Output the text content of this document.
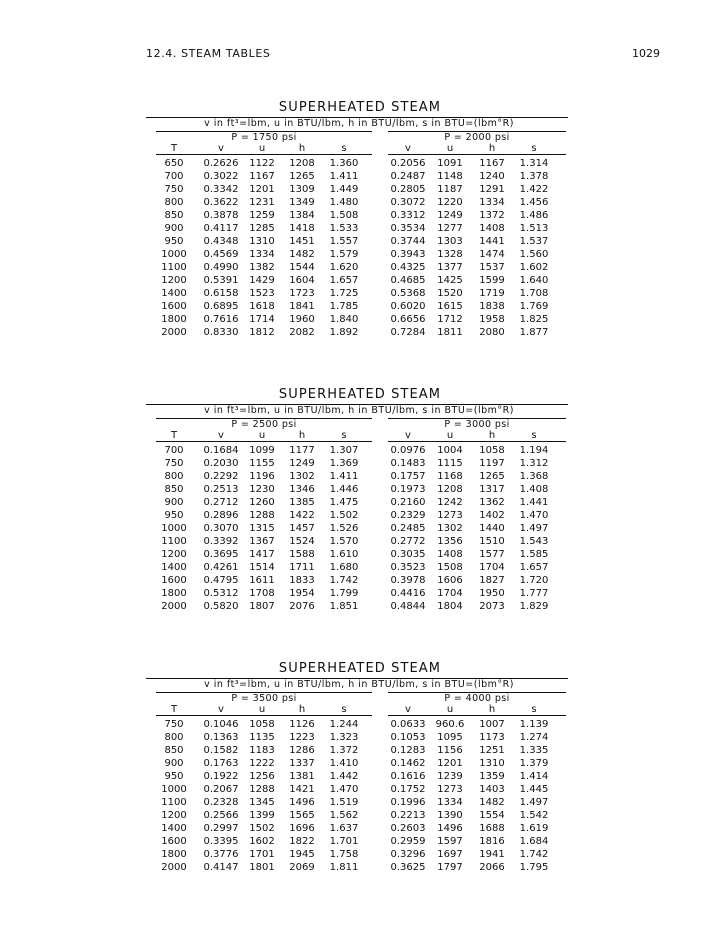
12.4. STEAM TABLES	1029
SUPERHEATED STEAM
v in ft³=lbm, u in BTU/lbm, h in BTU/lbm, s in BTU=(lbm°R)
P = 1750 psi	P = 2000 psi
T	v	u	h	s	v	u	h	s
650	0.2626	1122	1208	1.360	0.2056	1091	1167	1.314
700	0.3022	1167	1265	1.411	0.2487	1148	1240	1.378
750	0.3342	1201	1309	1.449	0.2805	1187	1291	1.422
800	0.3622	1231	1349	1.480	0.3072	1220	1334	1.456
850	0.3878	1259	1384	1.508	0.3312	1249	1372	1.486
900	0.4117	1285	1418	1.533	0.3534	1277	1408	1.513
950	0.4348	1310	1451	1.557	0.3744	1303	1441	1.537
1000	0.4569	1334	1482	1.579	0.3943	1328	1474	1.560
1100	0.4990	1382	1544	1.620	0.4325	1377	1537	1.602
1200	0.5391	1429	1604	1.657	0.4685	1425	1599	1.640
1400	0.6158	1523	1723	1.725	0.5368	1520	1719	1.708
1600	0.6895	1618	1841	1.785	0.6020	1615	1838	1.769
1800	0.7616	1714	1960	1.840	0.6656	1712	1958	1.825
2000	0.8330	1812	2082	1.892	0.7284	1811	2080	1.877
SUPERHEATED STEAM
v in ft³=lbm, u in BTU/lbm, h in BTU/lbm, s in BTU=(lbm°R)
P = 2500 psi	P = 3000 psi
T	v	u	h	s	v	u	h	s
700	0.1684	1099	1177	1.307	0.0976	1004	1058	1.194
750	0.2030	1155	1249	1.369	0.1483	1115	1197	1.312
800	0.2292	1196	1302	1.411	0.1757	1168	1265	1.368
850	0.2513	1230	1346	1.446	0.1973	1208	1317	1.408
900	0.2712	1260	1385	1.475	0.2160	1242	1362	1.441
950	0.2896	1288	1422	1.502	0.2329	1273	1402	1.470
1000	0.3070	1315	1457	1.526	0.2485	1302	1440	1.497
1100	0.3392	1367	1524	1.570	0.2772	1356	1510	1.543
1200	0.3695	1417	1588	1.610	0.3035	1408	1577	1.585
1400	0.4261	1514	1711	1.680	0.3523	1508	1704	1.657
1600	0.4795	1611	1833	1.742	0.3978	1606	1827	1.720
1800	0.5312	1708	1954	1.799	0.4416	1704	1950	1.777
2000	0.5820	1807	2076	1.851	0.4844	1804	2073	1.829
SUPERHEATED STEAM
v in ft³=lbm, u in BTU/lbm, h in BTU/lbm, s in BTU=(lbm°R)
P = 3500 psi	P = 4000 psi
T	v	u	h	s	v	u	h	s
750	0.1046	1058	1126	1.244	0.0633	960.6	1007	1.139
800	0.1363	1135	1223	1.323	0.1053	1095	1173	1.274
850	0.1582	1183	1286	1.372	0.1283	1156	1251	1.335
900	0.1763	1222	1337	1.410	0.1462	1201	1310	1.379
950	0.1922	1256	1381	1.442	0.1616	1239	1359	1.414
1000	0.2067	1288	1421	1.470	0.1752	1273	1403	1.445
1100	0.2328	1345	1496	1.519	0.1996	1334	1482	1.497
1200	0.2566	1399	1565	1.562	0.2213	1390	1554	1.542
1400	0.2997	1502	1696	1.637	0.2603	1496	1688	1.619
1600	0.3395	1602	1822	1.701	0.2959	1597	1816	1.684
1800	0.3776	1701	1945	1.758	0.3296	1697	1941	1.742
2000	0.4147	1801	2069	1.811	0.3625	1797	2066	1.795
